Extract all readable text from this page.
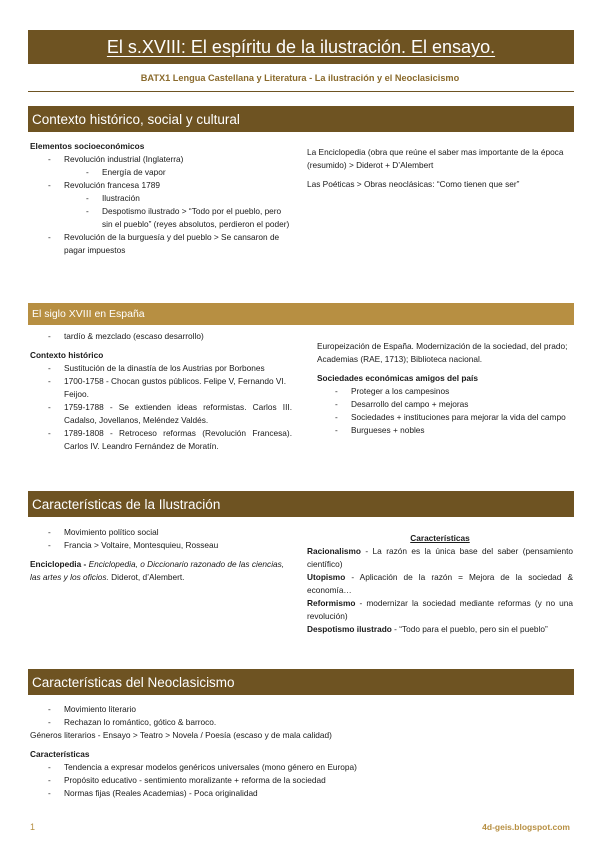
El s.XVIII: El espíritu de la ilustración. El ensayo.
BATX1 Lengua Castellana y Literatura - La ilustración y el Neoclasicismo
Contexto histórico, social y cultural
Elementos socioeconómicos
- Revolución industrial (Inglaterra)
- Energía de vapor
- Revolución francesa 1789
- Ilustración
- Despotismo ilustrado > “Todo por el pueblo, pero sin el pueblo” (reyes absolutos, perdieron el poder)
- Revolución de la burguesía y del pueblo > Se cansaron de pagar impuestos
La Enciclopedia (obra que reúne el saber mas importante de la época (resumido) > Diderot + D’Alembert
Las Poéticas > Obras neoclásicas: “Como tienen que ser”
El siglo XVIII en España
- tardío & mezclado (escaso desarrollo)
Contexto histórico
- Sustitución de la dinastía de los Austrias por Borbones
- 1700-1758 - Chocan gustos públicos. Felipe V, Fernando VI. Feijoo.
- 1759-1788 - Se extienden ideas reformistas. Carlos III. Cadalso, Jovellanos, Meléndez Valdés.
- 1789-1808 - Retroceso reformas (Revolución Francesa). Carlos IV. Leandro Fernández de Moratín.
Europeización de España. Modernización de la sociedad, del prado; Academias (RAE, 1713); Biblioteca nacional.
Sociedades económicas amigos del país
- Proteger a los campesinos
- Desarrollo del campo + mejoras
- Sociedades + instituciones para mejorar la vida del campo
- Burgueses + nobles
Características de la Ilustración
- Movimiento político social
- Francia > Voltaire, Montesquieu, Rosseau
Enciclopedia - Enciclopedia, o Diccionario razonado de las ciencias, las artes y los oficios. Diderot, d’Alembert.
Características
Racionalismo - La razón es la única base del saber (pensamiento científico)
Utopismo - Aplicación de la razón = Mejora de la sociedad & economía…
Reformismo - modernizar la sociedad mediante reformas (y no una revolución)
Despotismo ilustrado - “Todo para el pueblo, pero sin el pueblo”
Características del Neoclasicismo
- Movimiento literario
- Rechazan lo romántico, gótico & barroco.
Géneros literarios - Ensayo > Teatro > Novela / Poesía (escaso y de mala calidad)
Características
- Tendencia a expresar modelos genéricos universales (mono género en Europa)
- Propósito educativo - sentimiento moralizante + reforma de la sociedad
- Normas fijas (Reales Academias) - Poca originalidad
1	4d-geis.blogspot.com
